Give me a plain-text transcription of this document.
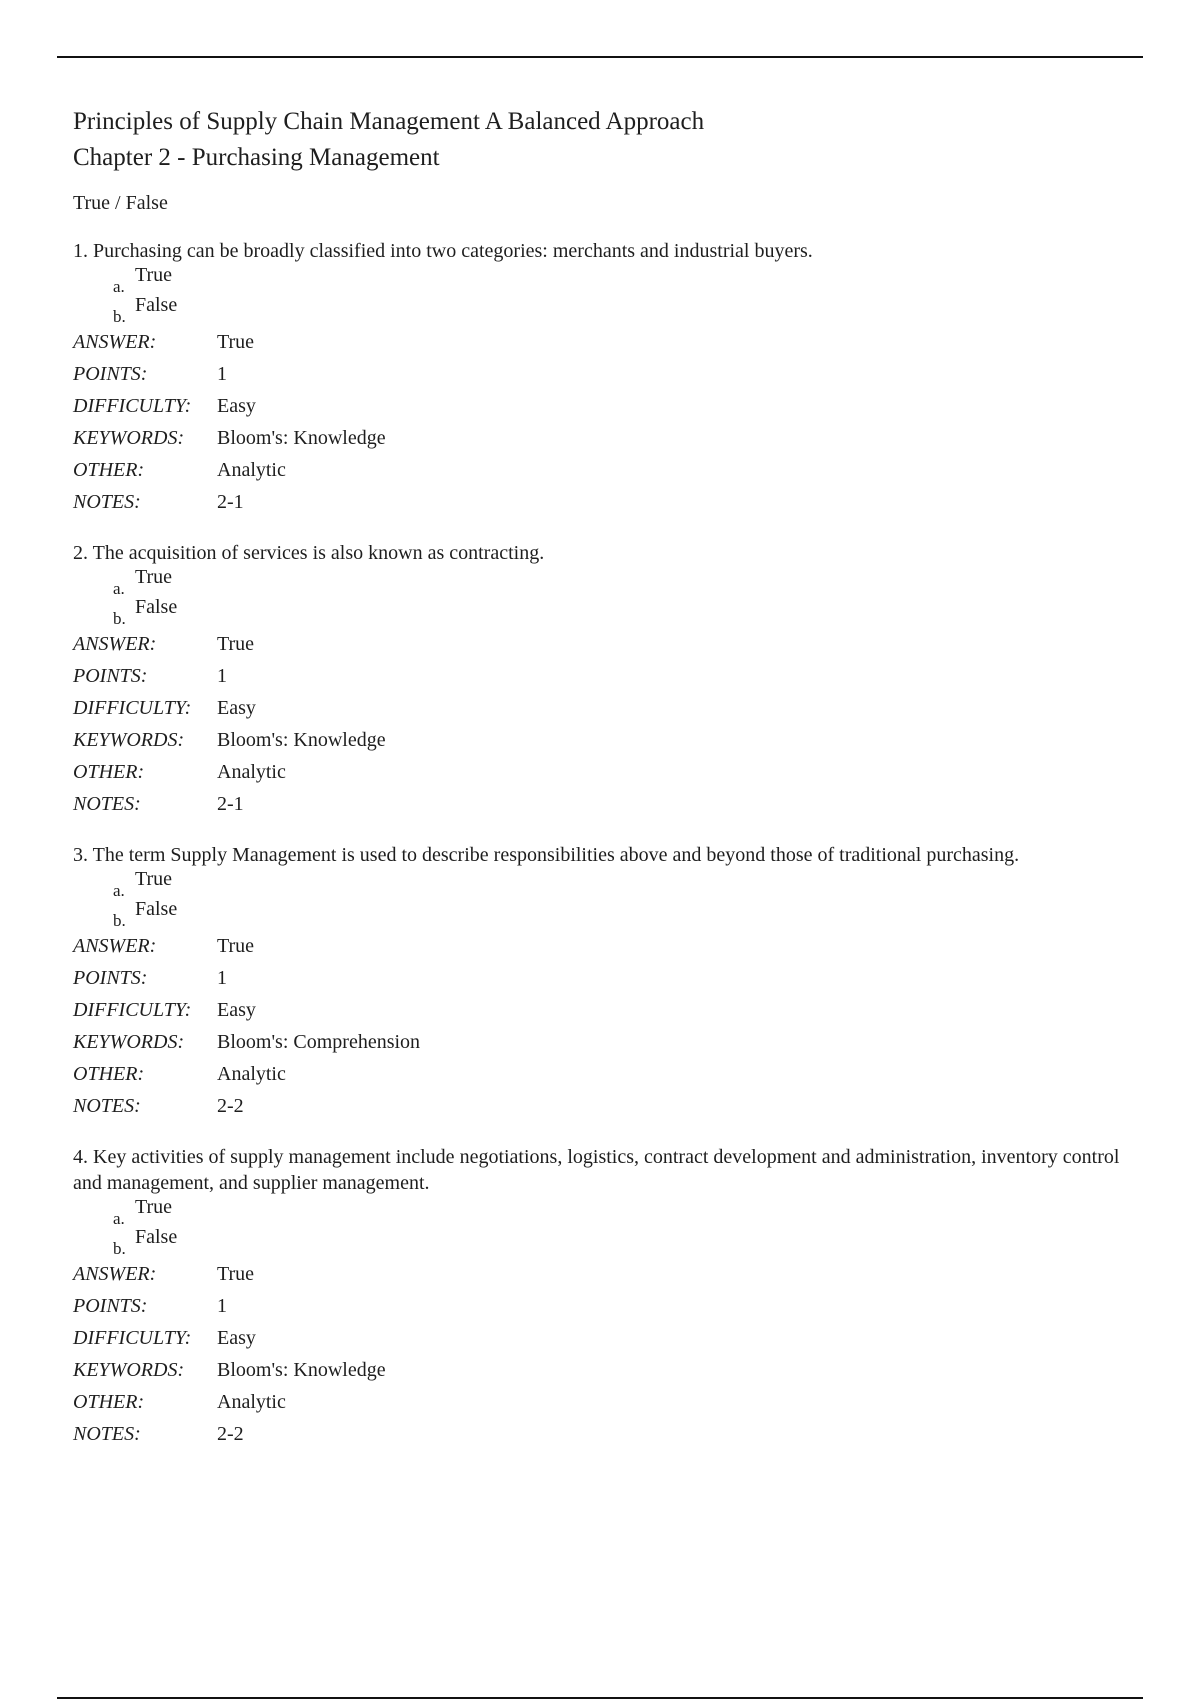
Principles of Supply Chain Management A Balanced Approach
Chapter 2 - Purchasing Management

True / False

1. Purchasing can be broadly classified into two categories: merchants and industrial buyers.

a.
True
b.
False
ANSWER:	True
POINTS:	1
DIFFICULTY:	Easy
KEYWORDS:	Bloom's: Knowledge
OTHER:	Analytic
NOTES:	2-1

2. The acquisition of services is also known as contracting.

a.
True
b.
False
ANSWER:	True
POINTS:	1
DIFFICULTY:	Easy
KEYWORDS:	Bloom's: Knowledge
OTHER:	Analytic
NOTES:	2-1

3. The term Supply Management is used to describe responsibilities above and beyond those of traditional purchasing.

a.
True
b.
False
ANSWER:	True
POINTS:	1
DIFFICULTY:	Easy
KEYWORDS:	Bloom's: Comprehension
OTHER:	Analytic
NOTES:	2-2

4. Key activities of supply management include negotiations, logistics, contract development and administration, inventory control and management, and supplier management.

a.
True
b.
False
ANSWER:	True
POINTS:	1
DIFFICULTY:	Easy
KEYWORDS:	Bloom's: Knowledge
OTHER:	Analytic
NOTES:	2-2
